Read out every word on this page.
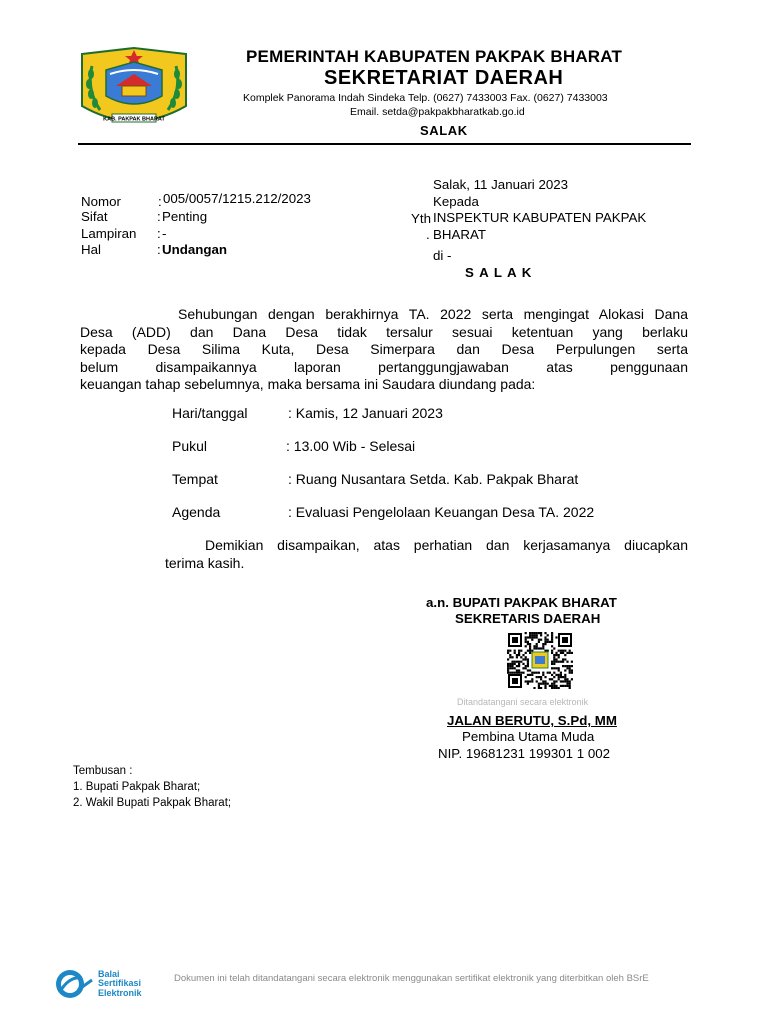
KAB. PAKPAK BHARAT
PEMERINTAH KABUPATEN PAKPAK BHARAT
SEKRETARIAT DAERAH
Komplek Panorama Indah Sindeka Telp. (0627) 7433003 Fax. (0627) 7433003
Email. setda@pakpakbharatkab.go.id
SALAK
Nomor	: 005/0057/1215.212/2023
Sifat	: Penting
Lampiran : -
Hal	: Undangan
Salak, 11 Januari 2023
Kepada
Yth
.
INSPEKTUR KABUPATEN PAKPAK
BHARAT
di -
S A L A K
Sehubungan dengan berakhirnya TA. 2022 serta mengingat Alokasi Dana
Desa (ADD) dan Dana Desa tidak tersalur sesuai ketentuan yang berlaku
kepada Desa Silima Kuta, Desa Simerpara dan Desa Perpulungen serta
belum disampaikannya laporan pertanggungjawaban atas penggunaan
keuangan tahap sebelumnya, maka bersama ini Saudara diundang pada:
Hari/tanggal	: Kamis, 12 Januari 2023
Pukul	: 13.00 Wib - Selesai
Tempat	: Ruang Nusantara Setda. Kab. Pakpak Bharat
Agenda	: Evaluasi Pengelolaan Keuangan Desa TA. 2022
Demikian disampaikan, atas perhatian dan kerjasamanya diucapkan
terima kasih.
a.n. BUPATI PAKPAK BHARAT
SEKRETARIS DAERAH
Ditandatangani secara elektronik
JALAN BERUTU, S.Pd, MM
Pembina Utama Muda
NIP. 19681231 199301 1 002
Tembusan :
1. Bupati Pakpak Bharat;
2. Wakil Bupati Pakpak Bharat;
Balai
Sertifikasi
Elektronik
Dokumen ini telah ditandatangani secara elektronik menggunakan sertifikat elektronik yang diterbitkan oleh BSrE
